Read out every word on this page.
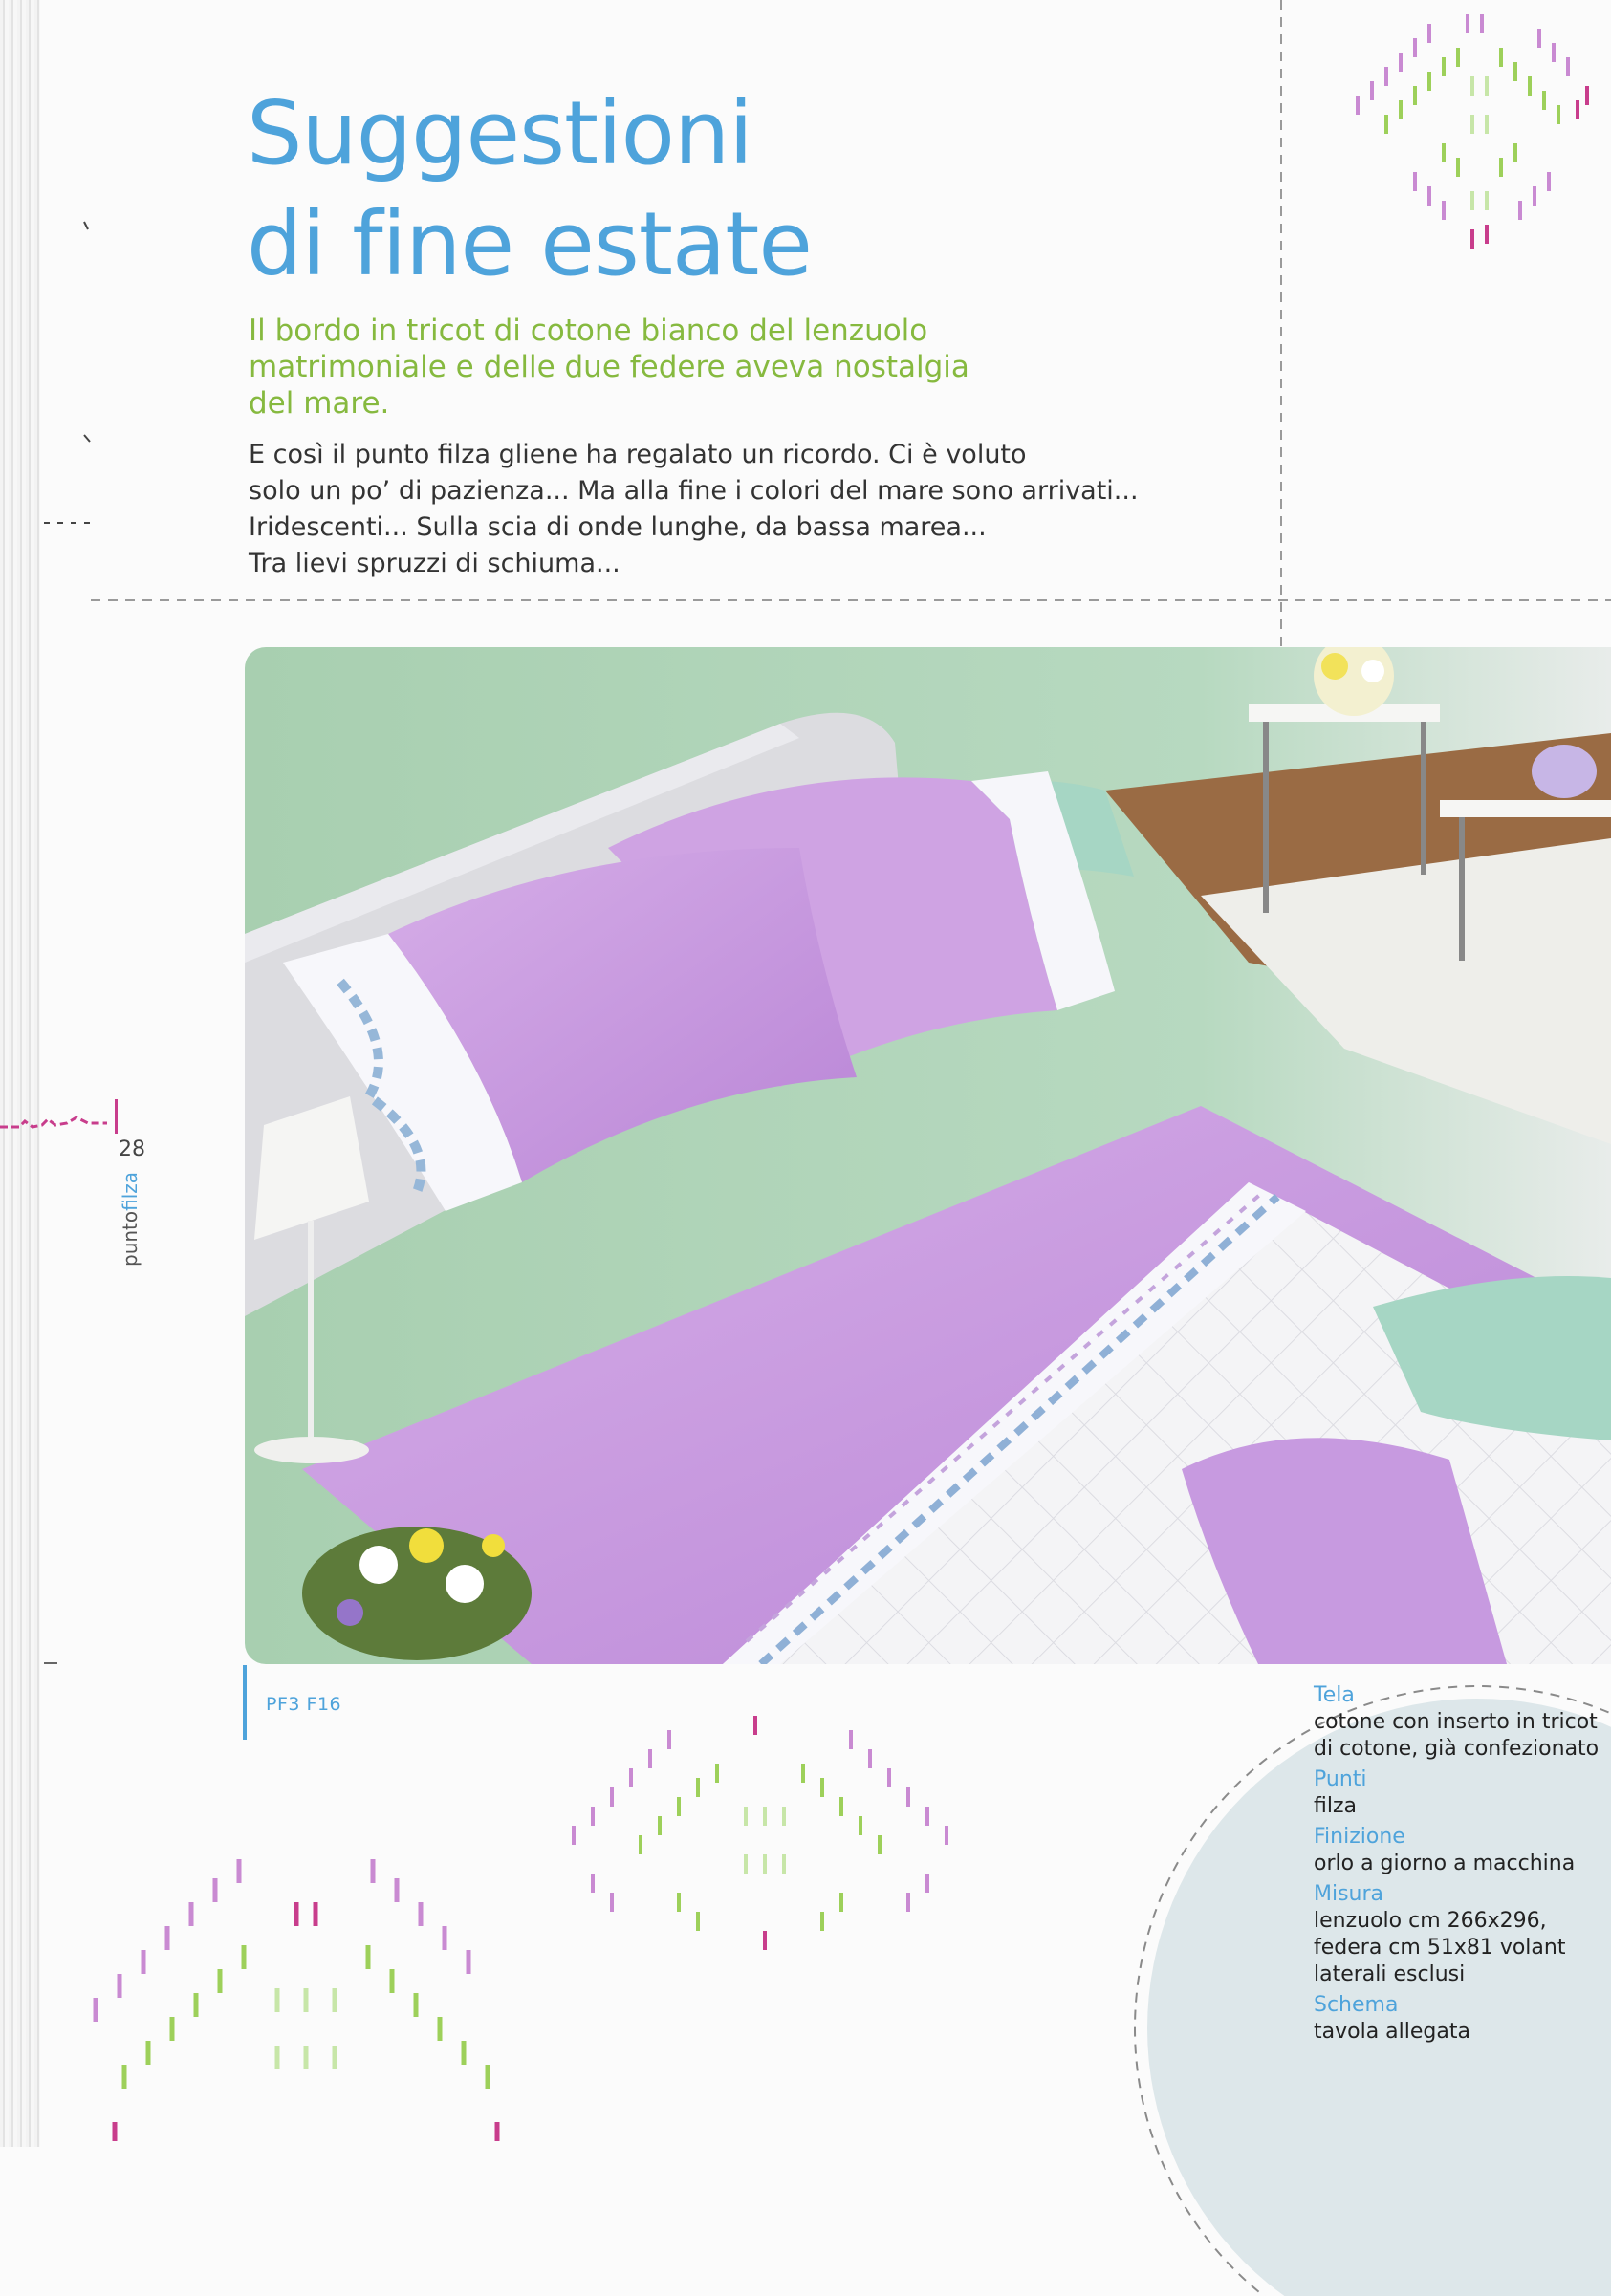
Suggestioni
di fine estate
Il bordo in tricot di cotone bianco del lenzuolo
matrimoniale e delle due federe aveva nostalgia
del mare.
E così il punto filza gliene ha regalato un ricordo. Ci è voluto
solo un po’ di pazienza... Ma alla fine i colori del mare sono arrivati...
Iridescenti... Sulla scia di onde lunghe, da bassa marea...
Tra lievi spruzzi di schiuma...
PF3 F16
puntofilza
28
Tela
cotone con inserto in tricot di cotone, già confezionato
Punti
filza
Finizione
orlo a giorno a macchina
Misura
lenzuolo cm 266x296, federa cm 51x81 volant laterali esclusi
Schema
tavola allegata
